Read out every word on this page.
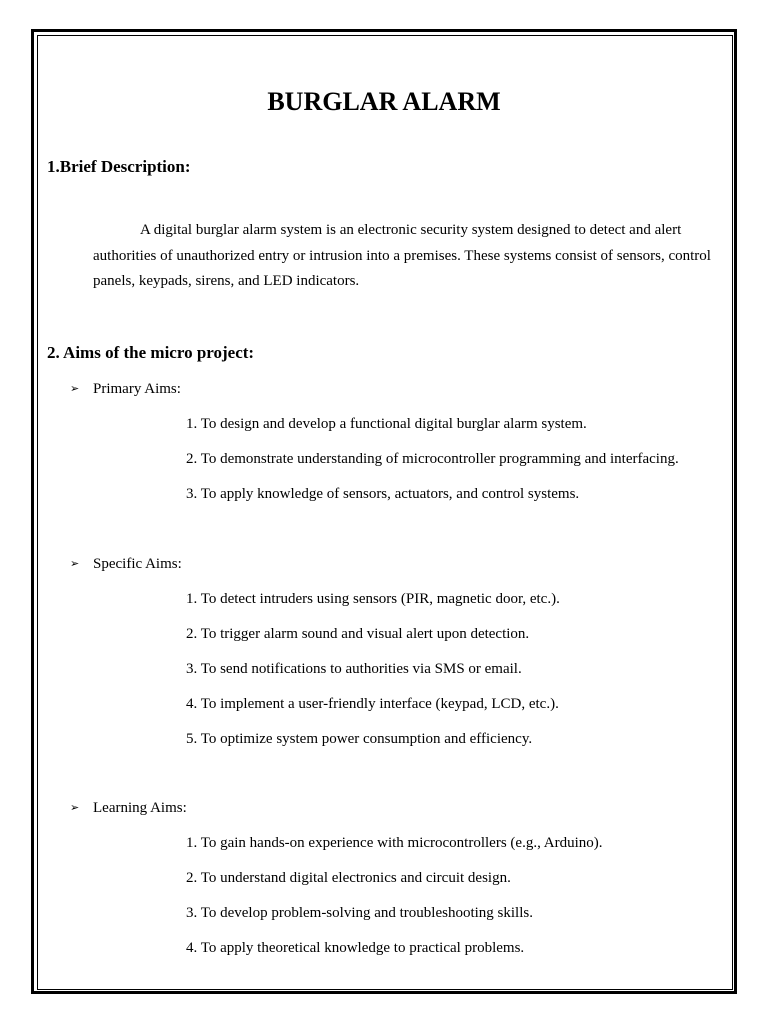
BURGLAR ALARM
1.Brief Description:
A digital burglar alarm system is an electronic security system designed to detect and alert authorities of unauthorized entry or intrusion into a premises. These systems consist of sensors, control panels, keypads, sirens, and LED indicators.
2. Aims of the micro project:
➢ Primary Aims:
1. To design and develop a functional digital burglar alarm system.
2. To demonstrate understanding of microcontroller programming and interfacing.
3. To apply knowledge of sensors, actuators, and control systems.
➢ Specific Aims:
1. To detect intruders using sensors (PIR, magnetic door, etc.).
2. To trigger alarm sound and visual alert upon detection.
3. To send notifications to authorities via SMS or email.
4. To implement a user-friendly interface (keypad, LCD, etc.).
5. To optimize system power consumption and efficiency.
➢ Learning Aims:
1. To gain hands-on experience with microcontrollers (e.g., Arduino).
2. To understand digital electronics and circuit design.
3. To develop problem-solving and troubleshooting skills.
4. To apply theoretical knowledge to practical problems.
